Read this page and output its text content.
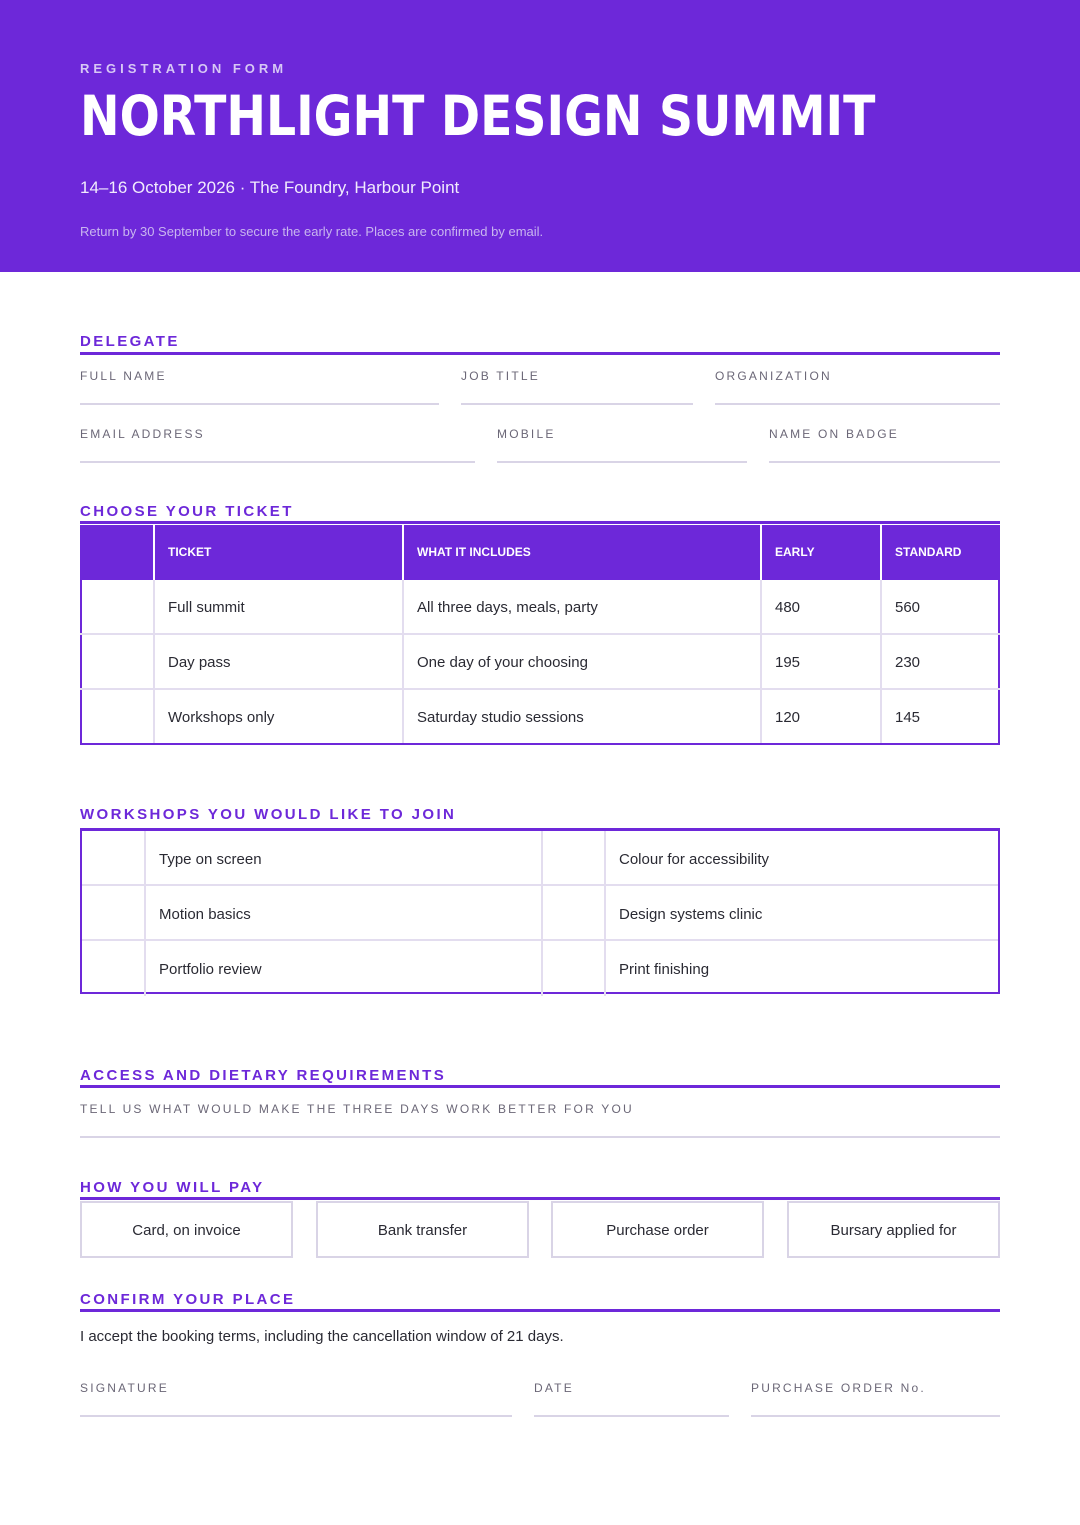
REGISTRATION FORM
NORTHLIGHT DESIGN SUMMIT
14–16 October 2026 · The Foundry, Harbour Point
Return by 30 September to secure the early rate. Places are confirmed by email.
DELEGATE
FULL NAME	JOB TITLE	ORGANIZATION
EMAIL ADDRESS	MOBILE	NAME ON BADGE
CHOOSE YOUR TICKET
TICKET	WHAT IT INCLUDES	EARLY	STANDARD
Full summit	All three days, meals, party	480	560
Day pass	One day of your choosing	195	230
Workshops only	Saturday studio sessions	120	145
WORKSHOPS YOU WOULD LIKE TO JOIN
Type on screen	Colour for accessibility
Motion basics	Design systems clinic
Portfolio review	Print finishing
ACCESS AND DIETARY REQUIREMENTS
TELL US WHAT WOULD MAKE THE THREE DAYS WORK BETTER FOR YOU
HOW YOU WILL PAY
Card, on invoice	Bank transfer	Purchase order	Bursary applied for
CONFIRM YOUR PLACE
I accept the booking terms, including the cancellation window of 21 days.
SIGNATURE	DATE	PURCHASE ORDER No.
